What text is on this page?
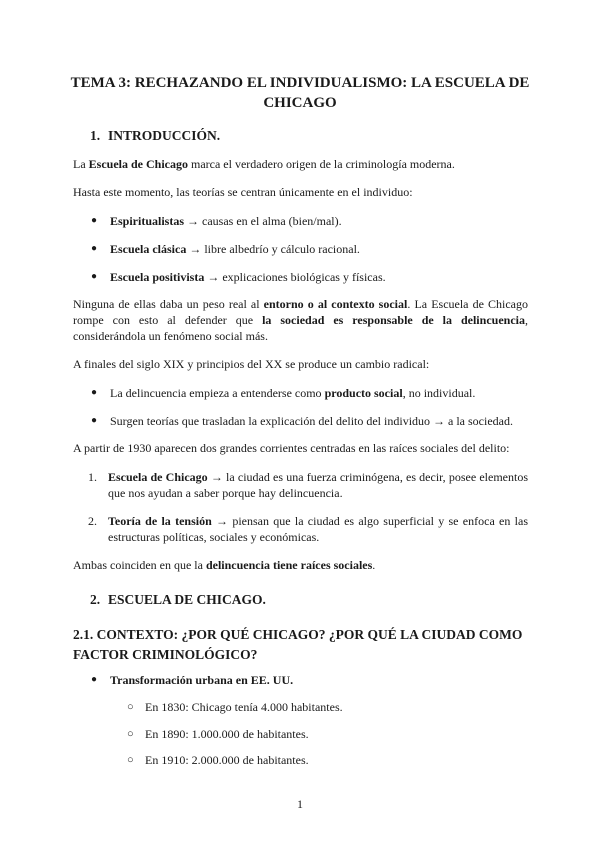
TEMA 3: RECHAZANDO EL INDIVIDUALISMO: LA ESCUELA DE CHICAGO
1. INTRODUCCIÓN.
La Escuela de Chicago marca el verdadero origen de la criminología moderna.
Hasta este momento, las teorías se centran únicamente en el individuo:
● Espiritualistas → causas en el alma (bien/mal).
● Escuela clásica → libre albedrío y cálculo racional.
● Escuela positivista → explicaciones biológicas y físicas.
Ninguna de ellas daba un peso real al entorno o al contexto social. La Escuela de Chicago rompe con esto al defender que la sociedad es responsable de la delincuencia, considerándola un fenómeno social más.
A finales del siglo XIX y principios del XX se produce un cambio radical:
● La delincuencia empieza a entenderse como producto social, no individual.
● Surgen teorías que trasladan la explicación del delito del individuo → a la sociedad.
A partir de 1930 aparecen dos grandes corrientes centradas en las raíces sociales del delito:
1. Escuela de Chicago → la ciudad es una fuerza criminógena, es decir, posee elementos que nos ayudan a saber porque hay delincuencia.
2. Teoría de la tensión → piensan que la ciudad es algo superficial y se enfoca en las estructuras políticas, sociales y económicas.
Ambas coinciden en que la delincuencia tiene raíces sociales.
2. ESCUELA DE CHICAGO.
2.1. CONTEXTO: ¿POR QUÉ CHICAGO? ¿POR QUÉ LA CIUDAD COMO FACTOR CRIMINOLÓGICO?
● Transformación urbana en EE. UU.
○ En 1830: Chicago tenía 4.000 habitantes.
○ En 1890: 1.000.000 de habitantes.
○ En 1910: 2.000.000 de habitantes.
1
